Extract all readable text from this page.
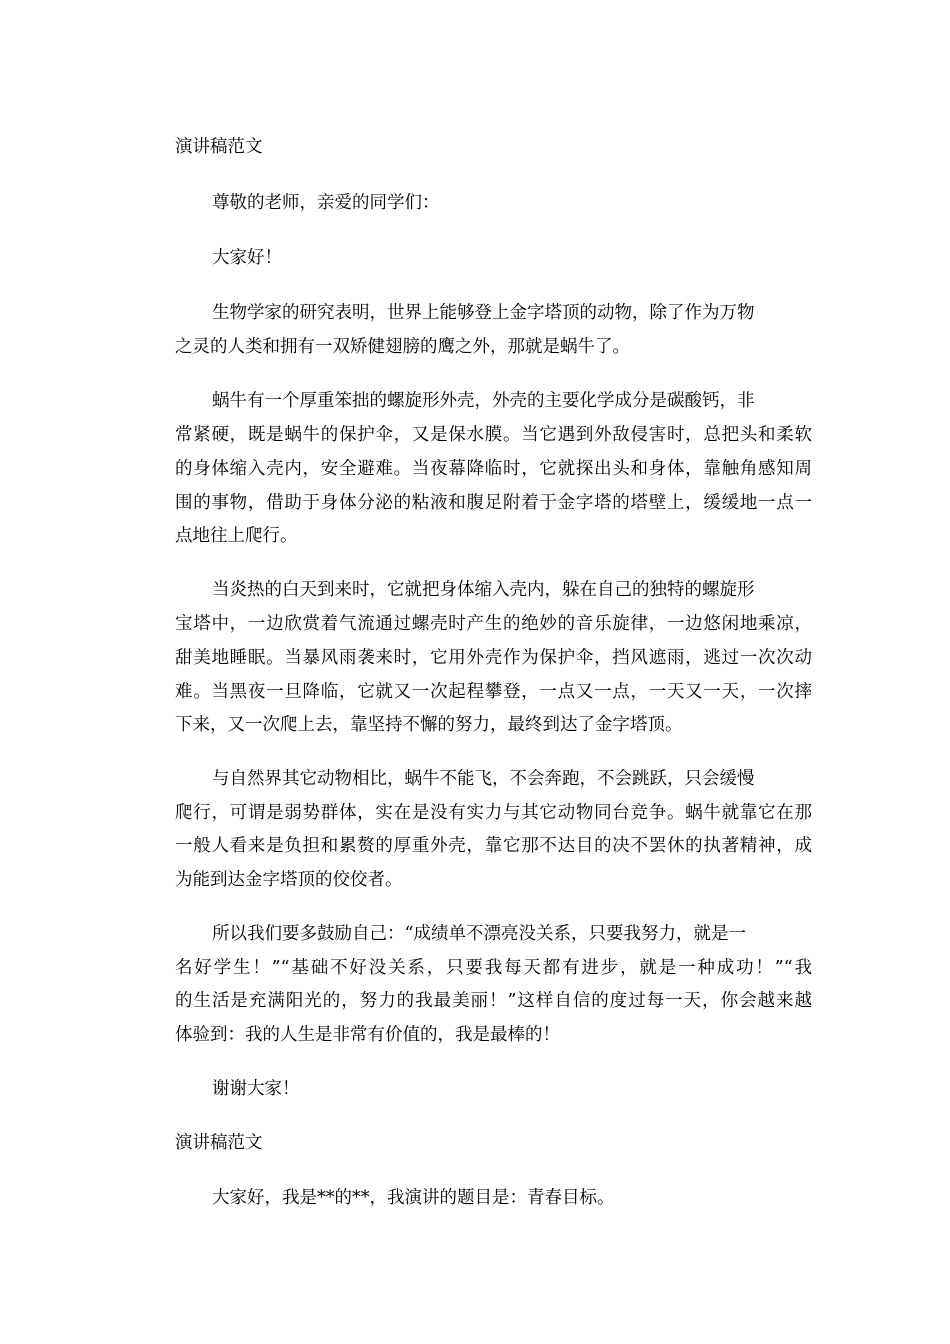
演讲稿范文
尊敬的老师，亲爱的同学们：
大家好！
生物学家的研究表明，世界上能够登上金字塔顶的动物，除了作为万物
之灵的人类和拥有一双矫健翅膀的鹰之外，那就是蜗牛了。
蜗牛有一个厚重笨拙的螺旋形外壳，外壳的主要化学成分是碳酸钙，非
常紧硬，既是蜗牛的保护伞，又是保水膜。当它遇到外敌侵害时，总把头和柔软
的身体缩入壳内，安全避难。当夜幕降临时，它就探出头和身体，靠触角感知周
围的事物，借助于身体分泌的粘液和腹足附着于金字塔的塔壁上，缓缓地一点一
点地往上爬行。
当炎热的白天到来时，它就把身体缩入壳内，躲在自己的独特的螺旋形
宝塔中，一边欣赏着气流通过螺壳时产生的绝妙的音乐旋律，一边悠闲地乘凉，
甜美地睡眠。当暴风雨袭来时，它用外壳作为保护伞，挡风遮雨，逃过一次次动
难。当黑夜一旦降临，它就又一次起程攀登，一点又一点，一天又一天，一次摔
下来，又一次爬上去，靠坚持不懈的努力，最终到达了金字塔顶。
与自然界其它动物相比，蜗牛不能飞，不会奔跑，不会跳跃，只会缓慢
爬行，可谓是弱势群体，实在是没有实力与其它动物同台竞争。蜗牛就靠它在那
一般人看来是负担和累赘的厚重外壳，靠它那不达目的决不罢休的执著精神，成
为能到达金字塔顶的佼佼者。
所以我们要多鼓励自己：“成绩单不漂亮没关系，只要我努力，就是一
名好学生！”“基础不好没关系，只要我每天都有进步，就是一种成功！”“我
的生活是充满阳光的，努力的我最美丽！”这样自信的度过每一天，你会越来越
体验到：我的人生是非常有价值的，我是最棒的！
谢谢大家！
演讲稿范文
大家好，我是**的**，我演讲的题目是：青春目标。
